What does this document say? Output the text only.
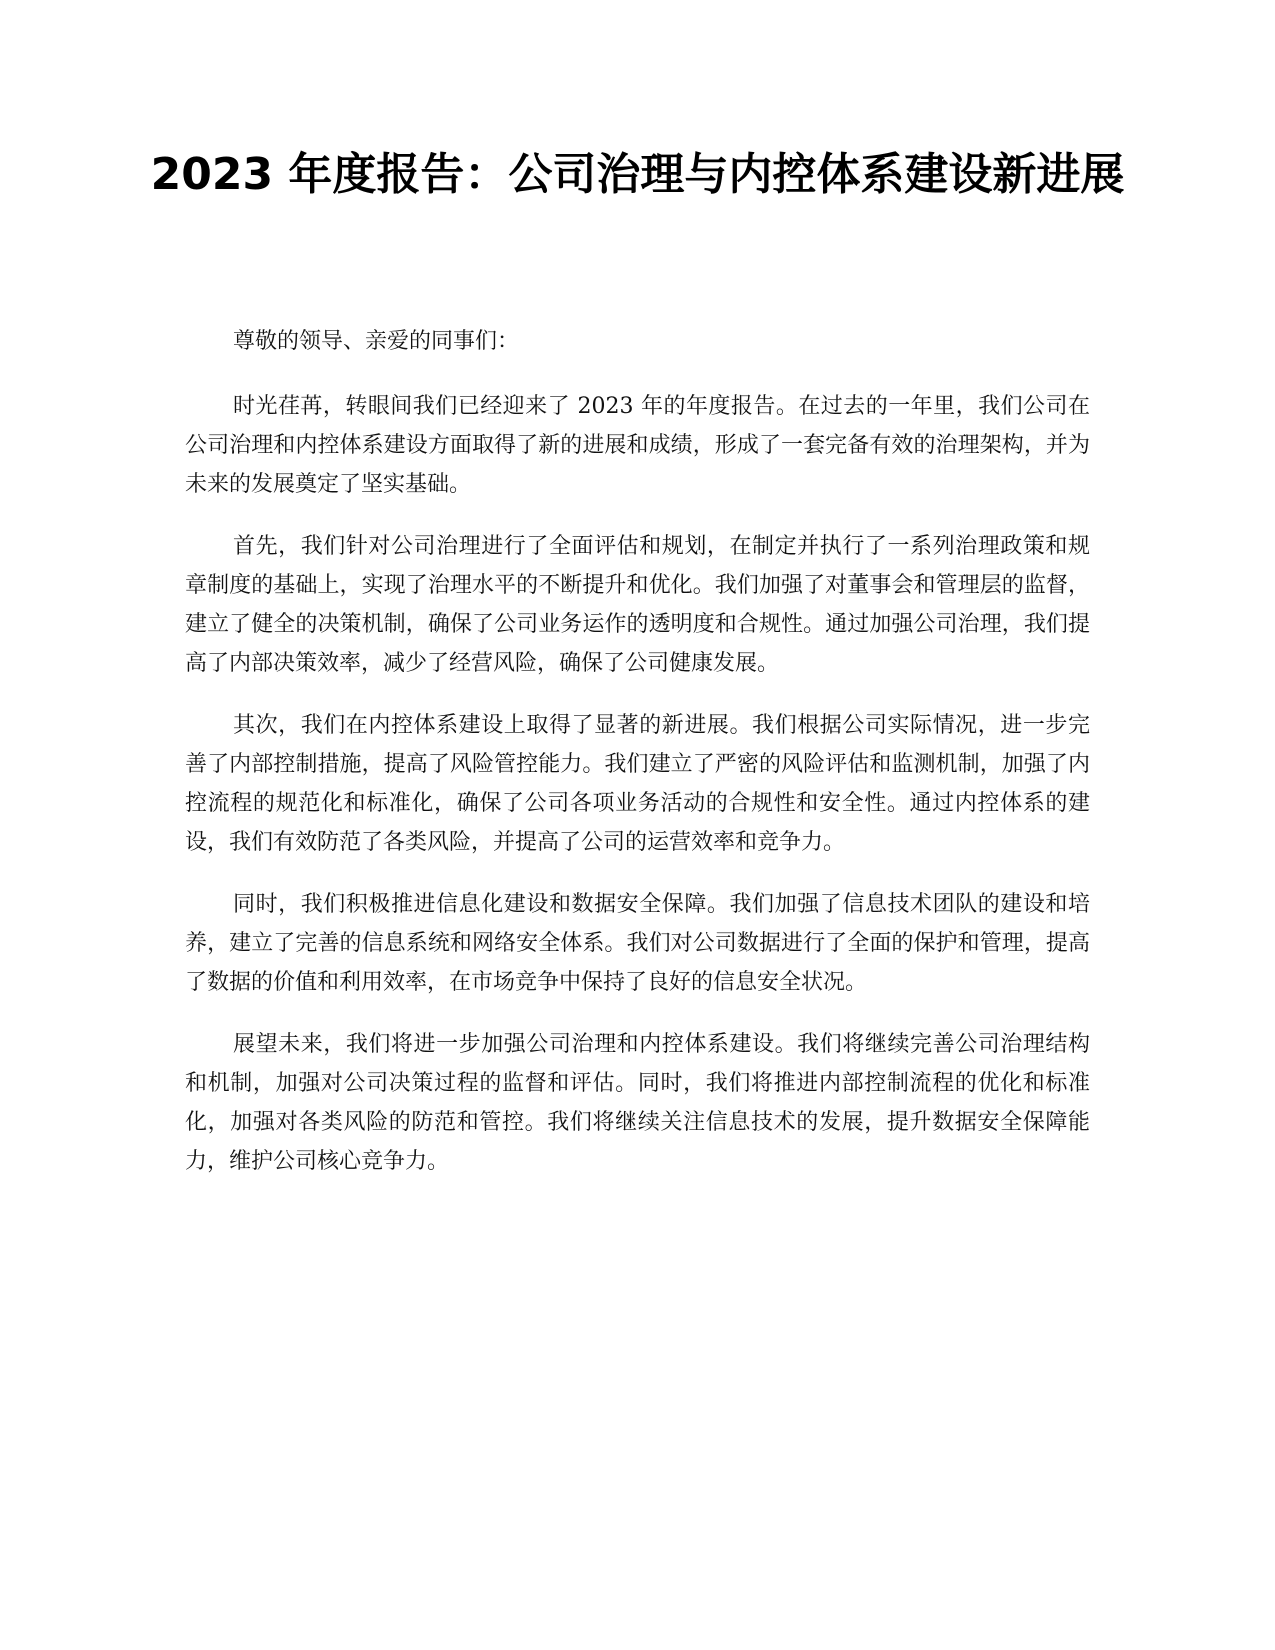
2023 年度报告：公司治理与内控体系建设新进展

尊敬的领导、亲爱的同事们：

时光荏苒，转眼间我们已经迎来了 2023 年的年度报告。在过去的一年里，我们公司在公司治理和内控体系建设方面取得了新的进展和成绩，形成了一套完备有效的治理架构，并为未来的发展奠定了坚实基础。

首先，我们针对公司治理进行了全面评估和规划，在制定并执行了一系列治理政策和规章制度的基础上，实现了治理水平的不断提升和优化。我们加强了对董事会和管理层的监督，建立了健全的决策机制，确保了公司业务运作的透明度和合规性。通过加强公司治理，我们提高了内部决策效率，减少了经营风险，确保了公司健康发展。

其次，我们在内控体系建设上取得了显著的新进展。我们根据公司实际情况，进一步完善了内部控制措施，提高了风险管控能力。我们建立了严密的风险评估和监测机制，加强了内控流程的规范化和标准化，确保了公司各项业务活动的合规性和安全性。通过内控体系的建设，我们有效防范了各类风险，并提高了公司的运营效率和竞争力。

同时，我们积极推进信息化建设和数据安全保障。我们加强了信息技术团队的建设和培养，建立了完善的信息系统和网络安全体系。我们对公司数据进行了全面的保护和管理，提高了数据的价值和利用效率，在市场竞争中保持了良好的信息安全状况。

展望未来，我们将进一步加强公司治理和内控体系建设。我们将继续完善公司治理结构和机制，加强对公司决策过程的监督和评估。同时，我们将推进内部控制流程的优化和标准化，加强对各类风险的防范和管控。我们将继续关注信息技术的发展，提升数据安全保障能力，维护公司核心竞争力。
